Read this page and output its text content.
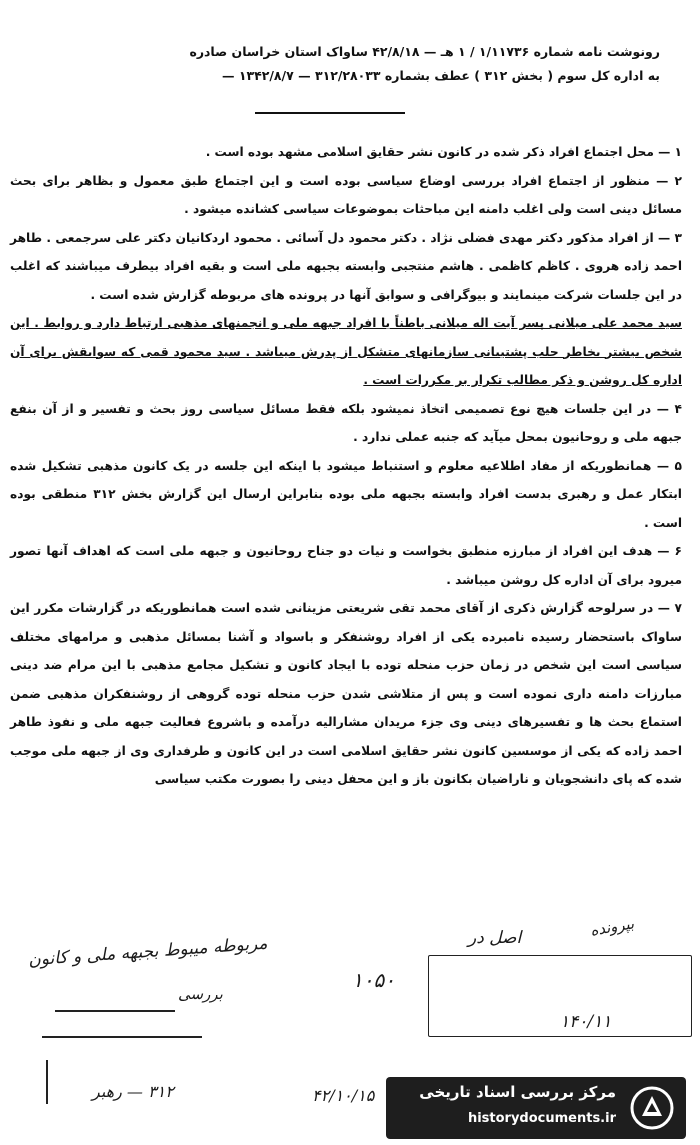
رونوشت نامه شماره ۱/۱۱۷۳۶ / ۱ هـ — ۴۲/۸/۱۸ ساواک استان خراسان صادره
به اداره کل سوم ( بخش ۳۱۲ ) عطف بشماره ۳۱۲/۲۸۰۳۳ — ۱۳۴۲/۸/۷ —

۱ — محل اجتماع افراد ذکر شده در کانون نشر حقایق اسلامی مشهد بوده است .

۲ — منظور از اجتماع افراد بررسی اوضاع سیاسی بوده است و این اجتماع طبق معمول و بظاهر برای بحث مسائل دینی است ولی اغلب دامنه این مباحثات بموضوعات سیاسی کشانده میشود .

۳ — از افراد مذکور دکتر مهدی فضلی نژاد . دکتر محمود دل آسائی . محمود اردکانیان دکتر علی سرجمعی . طاهر احمد زاده هروی . کاظم کاظمی . هاشم منتجبی وابسته بجبهه ملی است و بقیه افراد بیطرف میباشند که اغلب در این جلسات شرکت مینمایند و بیوگرافی و سوابق آنها در پرونده های مربوطه گزارش شده است .

سید محمد علی میلانی پسر آیت اله میلانی باطناً با افراد جبهه ملی و انجمنهای مذهبی ارتباط دارد و روابط . این شخص بیشتر بخاطر جلب پشتیبانی سازمانهای متشکل از پدرش میباشد . سید محمود قمی که سوابقش برای آن اداره کل روشن و ذکر مطالب تکرار بر مکررات است .

۴ — در این جلسات هیچ نوع تصمیمی اتخاذ نمیشود بلکه فقط مسائل سیاسی روز بحث و تفسیر و از آن بنفع جبهه ملی و روحانیون بمحل میآید که جنبه عملی ندارد .

۵ — همانطوریکه از مفاد اطلاعیه معلوم و استنباط میشود با اینکه این جلسه در یک کانون مذهبی تشکیل شده ابتکار عمل و رهبری بدست افراد وابسته بجبهه ملی بوده بنابراین ارسال این گزارش بخش ۳۱۲ منطقی بوده است .

۶ — هدف این افراد از مبارزه منطبق بخواست و نیات دو جناح روحانیون و جبهه ملی است که اهداف آنها تصور میرود برای آن اداره کل روشن میباشد .

۷ — در سرلوحه گزارش ذکری از آقای محمد تقی شریعتی مزینانی شده است همانطوریکه در گزارشات مکرر این ساواک باستحضار رسیده نامبرده یکی از افراد روشنفکر و باسواد و آشنا بمسائل مذهبی و مرامهای مختلف سیاسی است این شخص در زمان حزب منحله توده با ایجاد کانون و تشکیل مجامع مذهبی با این مرام ضد دینی مبارزات دامنه داری نموده است و پس از متلاشی شدن حزب منحله توده گروهی از روشنفکران مذهبی ضمن استماع بحث ها و تفسیرهای دینی وی جزء مریدان مشارالیه درآمده و باشروع فعالیت جبهه ملی و نفوذ طاهر احمد زاده که یکی از موسسین کانون نشر حقایق اسلامی است در این کانون و طرفداری وی از جبهه ملی موجب شده که پای دانشجویان و ناراضیان بکانون باز و این محفل دینی را بصورت مکتب سیاسی

مربوطه میبوط بجبهه ملی و کانون
بررسی
۱۰۵۰
اصل در	بپرونده
۱۴۰/۱۱
۳۱۲ — رهبر	۴۲/۱۰/۱۵	مرکز بررسی اسناد تاریخی
historydocuments.ir
